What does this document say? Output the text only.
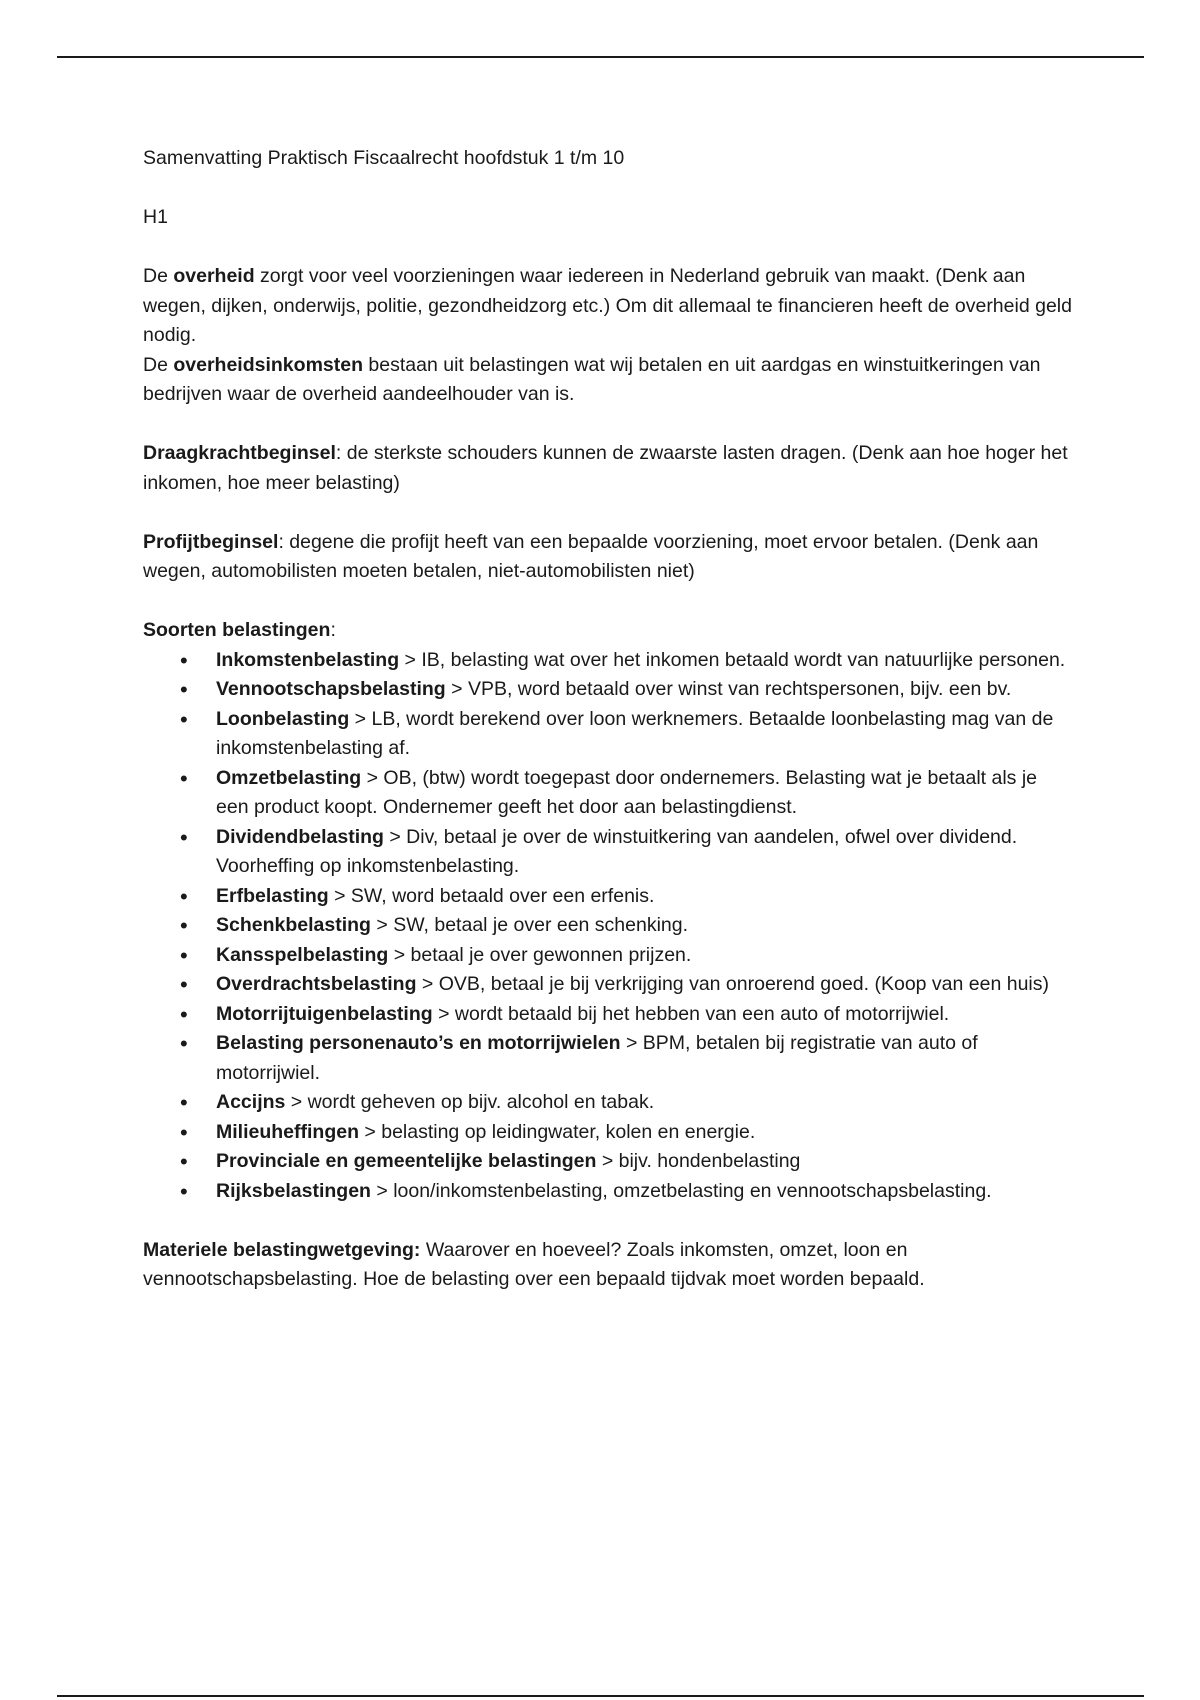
Samenvatting Praktisch Fiscaalrecht hoofdstuk 1 t/m 10

H1

De overheid zorgt voor veel voorzieningen waar iedereen in Nederland gebruik van maakt. (Denk aan wegen, dijken, onderwijs, politie, gezondheidzorg etc.) Om dit allemaal te financieren heeft de overheid geld nodig.

De overheidsinkomsten bestaan uit belastingen wat wij betalen en uit aardgas en winstuitkeringen van bedrijven waar de overheid aandeelhouder van is.

Draagkrachtbeginsel: de sterkste schouders kunnen de zwaarste lasten dragen. (Denk aan hoe hoger het inkomen, hoe meer belasting)

Profijtbeginsel: degene die profijt heeft van een bepaalde voorziening, moet ervoor betalen. (Denk aan wegen, automobilisten moeten betalen, niet-automobilisten niet)

Soorten belastingen:

• Inkomstenbelasting > IB, belasting wat over het inkomen betaald wordt van natuurlijke personen.
• Vennootschapsbelasting > VPB, word betaald over winst van rechtspersonen, bijv. een bv.
• Loonbelasting > LB, wordt berekend over loon werknemers. Betaalde loonbelasting mag van de inkomstenbelasting af.
• Omzetbelasting > OB, (btw) wordt toegepast door ondernemers. Belasting wat je betaalt als je een product koopt. Ondernemer geeft het door aan belastingdienst.
• Dividendbelasting > Div, betaal je over de winstuitkering van aandelen, ofwel over dividend. Voorheffing op inkomstenbelasting.
• Erfbelasting > SW, word betaald over een erfenis.
• Schenkbelasting > SW, betaal je over een schenking.
• Kansspelbelasting > betaal je over gewonnen prijzen.
• Overdrachtsbelasting > OVB, betaal je bij verkrijging van onroerend goed. (Koop van een huis)
• Motorrijtuigenbelasting > wordt betaald bij het hebben van een auto of motorrijwiel.
• Belasting personenauto’s en motorrijwielen > BPM, betalen bij registratie van auto of motorrijwiel.
• Accijns > wordt geheven op bijv. alcohol en tabak.
• Milieuheffingen > belasting op leidingwater, kolen en energie.
• Provinciale en gemeentelijke belastingen > bijv. hondenbelasting
• Rijksbelastingen > loon/inkomstenbelasting, omzetbelasting en vennootschapsbelasting.

Materiele belastingwetgeving: Waarover en hoeveel? Zoals inkomsten, omzet, loon en vennootschapsbelasting. Hoe de belasting over een bepaald tijdvak moet worden bepaald.
